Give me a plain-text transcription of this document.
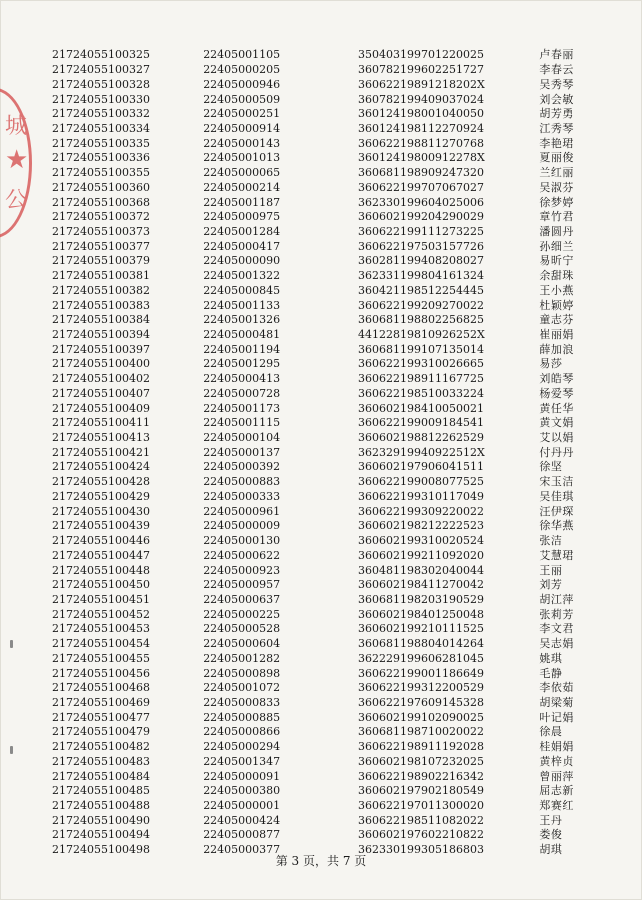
城
★
公
21724055100325	22405001105	350403199701220025	卢春丽
21724055100327	22405000205	360782199602251727	李春云
21724055100328	22405000946	36062219891218202X	吴秀琴
21724055100330	22405000509	360782199409037024	刘会敏
21724055100332	22405000251	360124198001040050	胡芳勇
21724055100334	22405000914	360124198112270924	江秀琴
21724055100335	22405000143	360622198811270768	李艳珺
21724055100336	22405001013	36012419800912278X	夏丽俊
21724055100355	22405000065	360681198909247320	兰红丽
21724055100360	22405000214	360622199707067027	吴淑芬
21724055100368	22405001187	362330199604025006	徐梦婷
21724055100372	22405000975	360602199204290029	章竹君
21724055100373	22405001284	360622199111273225	潘圆丹
21724055100377	22405000417	360622197503157726	孙细兰
21724055100379	22405000090	360281199408208027	易昕宁
21724055100381	22405001322	362331199804161324	余甜珠
21724055100382	22405000845	360421198512254445	王小燕
21724055100383	22405001133	360622199209270022	杜颖婷
21724055100384	22405001326	360681198802256825	童志芬
21724055100394	22405000481	44122819810926252X	崔丽娟
21724055100397	22405001194	360681199107135014	薛加浪
21724055100400	22405001295	360622199310026665	易莎
21724055100402	22405000413	360622198911167725	刘皓琴
21724055100407	22405000728	360622198510033224	杨爱琴
21724055100409	22405001173	360602198410050021	黄任华
21724055100411	22405001115	360622199009184541	黄文娟
21724055100413	22405000104	360602198812262529	艾以娟
21724055100421	22405000137	36232919940922512X	付丹丹
21724055100424	22405000392	360602197906041511	徐坚
21724055100428	22405000883	360622199008077525	宋玉洁
21724055100429	22405000333	360622199310117049	吴佳琪
21724055100430	22405000961	360622199309220022	汪伊琛
21724055100439	22405000009	360602198212222523	徐华燕
21724055100446	22405000130	360602199310020524	张洁
21724055100447	22405000622	360602199211092020	艾慧珺
21724055100448	22405000923	360481198302040044	王丽
21724055100450	22405000957	360602198411270042	刘芳
21724055100451	22405000637	360681198203190529	胡江萍
21724055100452	22405000225	360602198401250048	张莉芳
21724055100453	22405000528	360602199210111525	李文君
21724055100454	22405000604	360681198804014264	吴志娟
21724055100455	22405001282	362229199606281045	姚琪
21724055100456	22405000898	360622199001186649	毛静
21724055100468	22405001072	360622199312200529	李依茹
21724055100469	22405000833	360622197609145328	胡梁菊
21724055100477	22405000885	360602199102090025	叶记娟
21724055100479	22405000866	360681198710020022	徐晨
21724055100482	22405000294	360622198911192028	桂娟娟
21724055100483	22405001347	360602198107232025	黄梓贞
21724055100484	22405000091	360622198902216342	曾丽萍
21724055100485	22405000380	360602197902180549	屈志新
21724055100488	22405000001	360622197011300020	郑赛红
21724055100490	22405000424	360622198511082022	王丹
21724055100494	22405000877	360602197602210822	娄俊
21724055100498	22405000377	362330199305186803	胡琪
第 3 页，共 7 页
